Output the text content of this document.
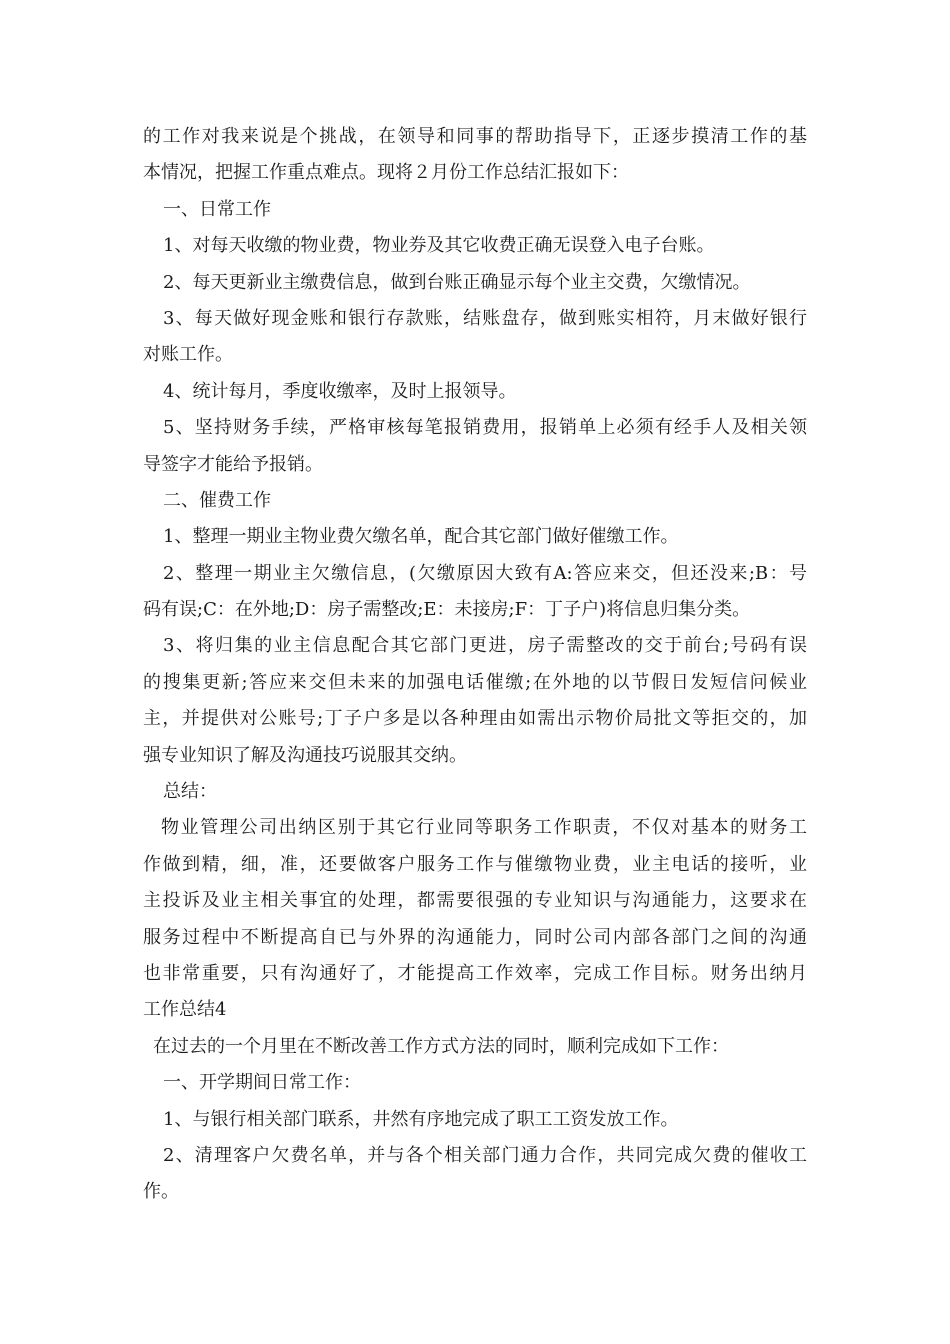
的工作对我来说是个挑战，在领导和同事的帮助指导下，正逐步摸清工作的基
本情况，把握工作重点难点。现将２月份工作总结汇报如下：
一、日常工作
1、对每天收缴的物业费，物业券及其它收费正确无误登入电子台账。
2、每天更新业主缴费信息，做到台账正确显示每个业主交费，欠缴情况。
3、每天做好现金账和银行存款账，结账盘存，做到账实相符，月末做好银行
对账工作。
4、统计每月，季度收缴率，及时上报领导。
5、坚持财务手续，严格审核每笔报销费用，报销单上必须有经手人及相关领
导签字才能给予报销。
二、催费工作
1、整理一期业主物业费欠缴名单，配合其它部门做好催缴工作。
2、整理一期业主欠缴信息，(欠缴原因大致有A:答应来交，但还没来;B：号
码有误;C：在外地;D：房子需整改;E：未接房;F：丁子户)将信息归集分类。
3、将归集的业主信息配合其它部门更进，房子需整改的交于前台;号码有误
的搜集更新;答应来交但未来的加强电话催缴;在外地的以节假日发短信问候业
主，并提供对公账号;丁子户多是以各种理由如需出示物价局批文等拒交的，加
强专业知识了解及沟通技巧说服其交纳。
总结：
物业管理公司出纳区别于其它行业同等职务工作职责，不仅对基本的财务工
作做到精，细，准，还要做客户服务工作与催缴物业费，业主电话的接听，业
主投诉及业主相关事宜的处理，都需要很强的专业知识与沟通能力，这要求在
服务过程中不断提高自已与外界的沟通能力，同时公司内部各部门之间的沟通
也非常重要，只有沟通好了，才能提高工作效率，完成工作目标。财务出纳月
工作总结4
在过去的一个月里在不断改善工作方式方法的同时，顺利完成如下工作：
一、开学期间日常工作：
1、与银行相关部门联系，井然有序地完成了职工工资发放工作。
2、清理客户欠费名单，并与各个相关部门通力合作，共同完成欠费的催收工
作。
